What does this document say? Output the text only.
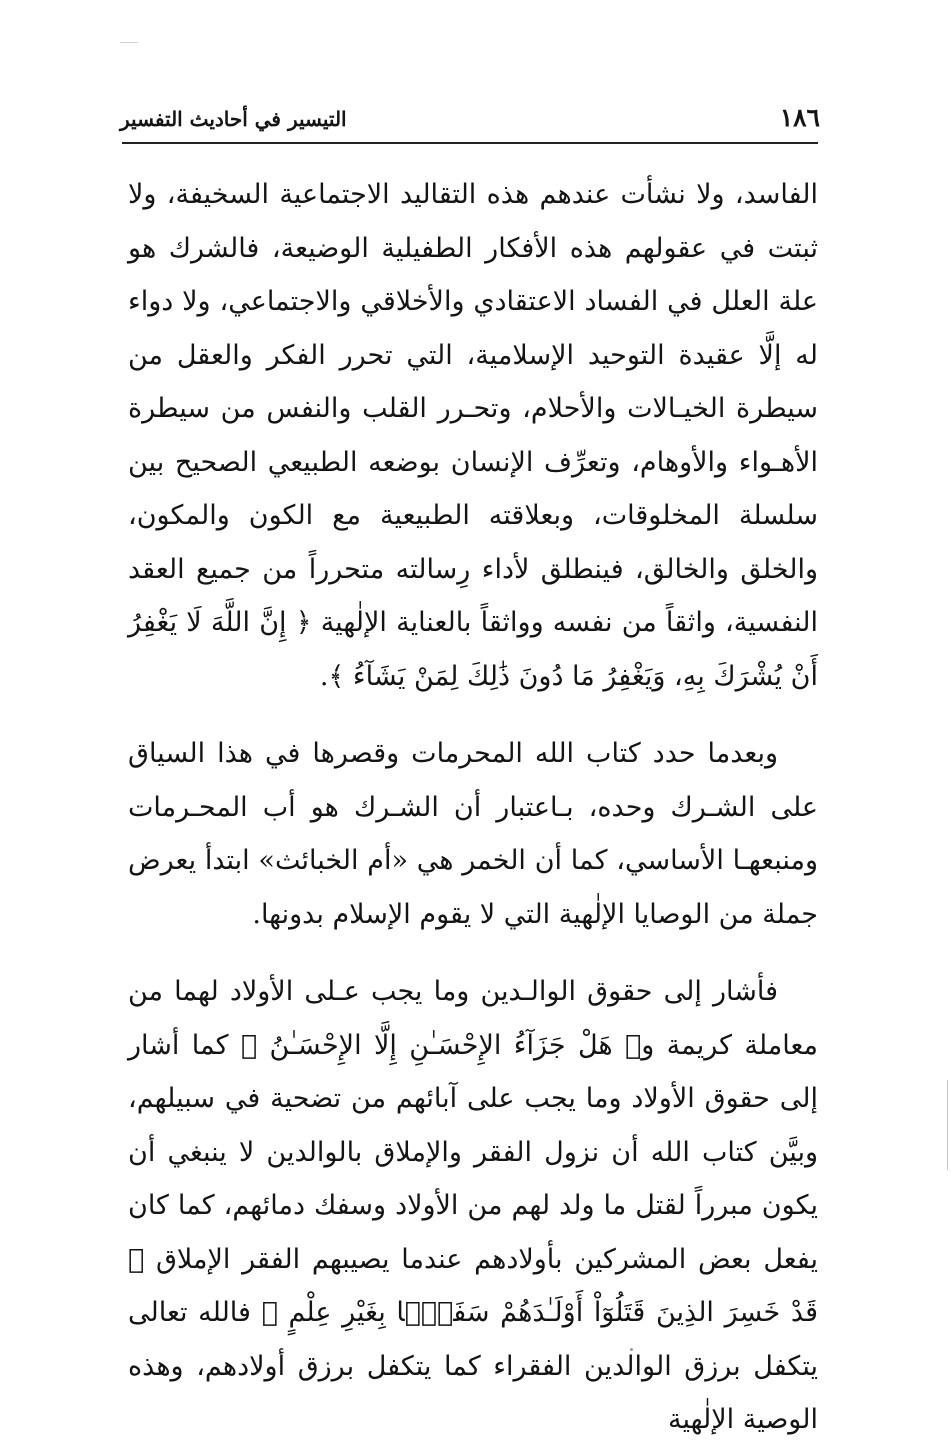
١٨٦
التيسير في أحاديث التفسير

الفاسد، ولا نشأت عندهم هذه التقاليد الاجتماعية السخيفة، ولا ثبتت في عقولهم هذه الأفكار الطفيلية الوضيعة، فالشرك هو علة العلل في الفساد الاعتقادي والأخلاقي والاجتماعي، ولا دواء له إلَّا عقيدة التوحيد الإسلامية، التي تحرر الفكر والعقل من سيطرة الخيـالات والأحلام، وتحـرر القلب والنفس من سيطرة الأهـواء والأوهام، وتعرِّف الإنسان بوضعه الطبيعي الصحيح بين سلسلة المخلوقات، وبعلاقته الطبيعية مع الكون والمكون، والخلق والخالق، فينطلق لأداء رِسالته متحرراً من جميع العقد النفسية، واثقاً من نفسه وواثقاً بالعناية الإلٰهية ﴿ إِنَّ اللَّهَ لَا يَغْفِرُ أَنْ يُشْرَكَ بِهِ، وَيَغْفِرُ مَا دُونَ ذَٰلِكَ لِمَنْ يَشَآءُ ﴾.

وبعدما حدد كتاب الله المحرمات وقصرها في هذا السياق على الشـرك وحده، بـاعتبار أن الشـرك هو أب المحـرمات ومنبعهـا الأساسي، كما أن الخمر هي «أم الخبائث» ابتدأ يعرض جملة من الوصايا الإلٰهية التي لا يقوم الإسلام بدونها.

فأشار إلى حقوق الوالـدين وما يجب عـلى الأولاد لهما من معاملة كريمة و﴿ هَلْ جَزَآءُ الإِحْسَـٰنِ إِلَّا الإِحْسَـٰنُ ﴾ كما أشار إلى حقوق الأولاد وما يجب على آبائهم من تضحية في سبيلهم، وبيَّن كتاب الله أن نزول الفقر والإملاق بالوالدين لا ينبغي أن يكون مبرراً لقتل ما ولد لهم من الأولاد وسفك دمائهم، كما كان يفعل بعض المشركين بأولادهم عندما يصيبهم الفقر الإملاق ﴿ قَدْ خَسِرَ الذِينَ قَتَلُوٓاْ أَوْلَـٰدَهُمْ سَفَهًۢا بِغَيْرِ عِلْمٍ ﴾ فالله تعالى يتكفل برزق الوالدين الفقراء كما يتكفل برزق أولادهم، وهذه الوصية الإلٰهية
